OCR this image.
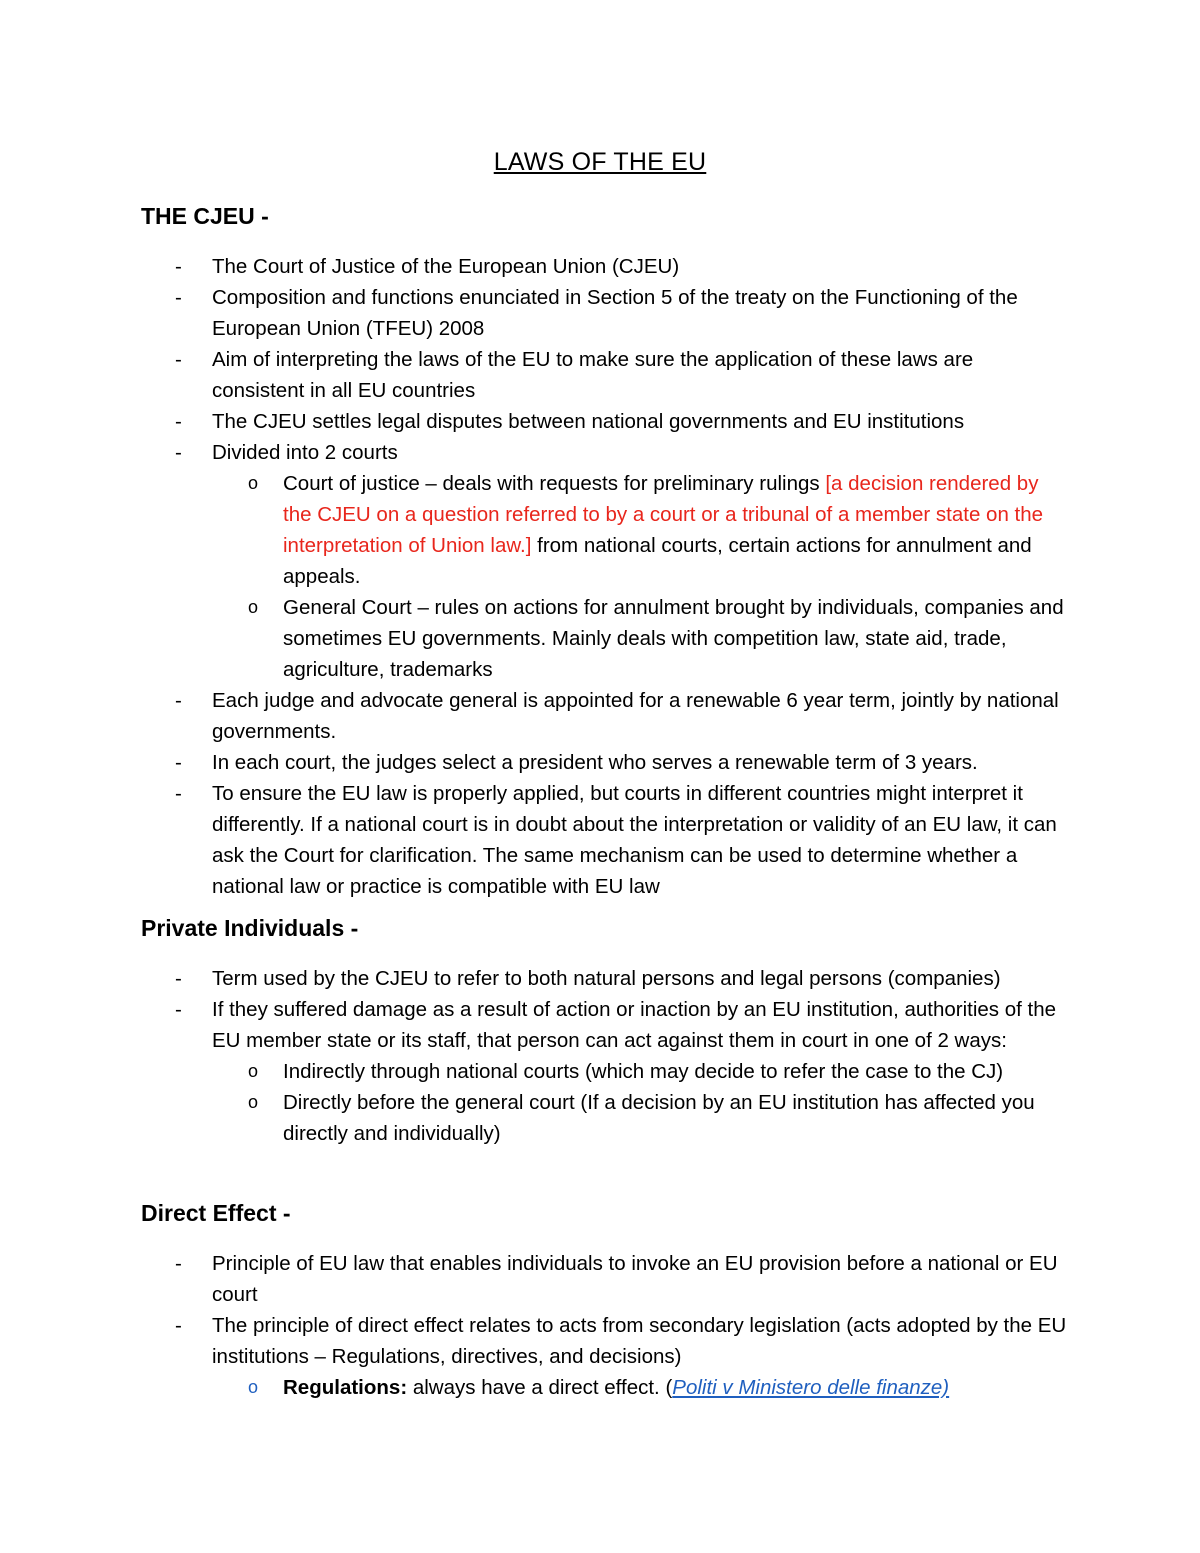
LAWS OF THE EU
THE CJEU -
- The Court of Justice of the European Union (CJEU)
- Composition and functions enunciated in Section 5 of the treaty on the Functioning of the European Union (TFEU) 2008
- Aim of interpreting the laws of the EU to make sure the application of these laws are consistent in all EU countries
- The CJEU settles legal disputes between national governments and EU institutions
- Divided into 2 courts
o Court of justice – deals with requests for preliminary rulings [a decision rendered by the CJEU on a question referred to by a court or a tribunal of a member state on the interpretation of Union law.] from national courts, certain actions for annulment and appeals.
o General Court – rules on actions for annulment brought by individuals, companies and sometimes EU governments. Mainly deals with competition law, state aid, trade, agriculture, trademarks
- Each judge and advocate general is appointed for a renewable 6 year term, jointly by national governments.
- In each court, the judges select a president who serves a renewable term of 3 years.
- To ensure the EU law is properly applied, but courts in different countries might interpret it differently. If a national court is in doubt about the interpretation or validity of an EU law, it can ask the Court for clarification. The same mechanism can be used to determine whether a national law or practice is compatible with EU law
Private Individuals -
- Term used by the CJEU to refer to both natural persons and legal persons (companies)
- If they suffered damage as a result of action or inaction by an EU institution, authorities of the EU member state or its staff, that person can act against them in court in one of 2 ways:
o Indirectly through national courts (which may decide to refer the case to the CJ)
o Directly before the general court (If a decision by an EU institution has affected you directly and individually)
Direct Effect -
- Principle of EU law that enables individuals to invoke an EU provision before a national or EU court
- The principle of direct effect relates to acts from secondary legislation (acts adopted by the EU institutions – Regulations, directives, and decisions)
o Regulations: always have a direct effect. (Politi v Ministero delle finanze)
